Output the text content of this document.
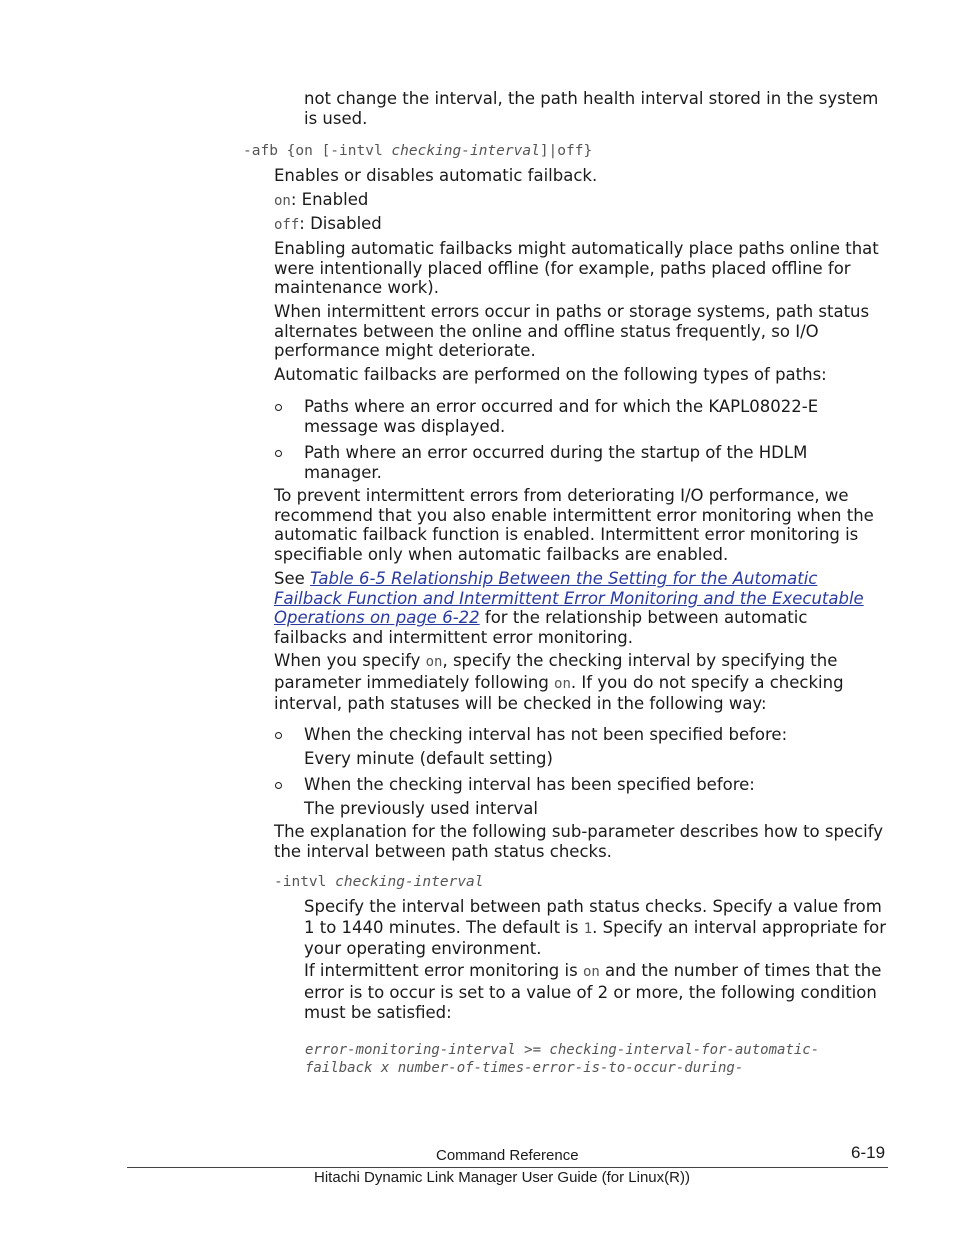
not change the interval, the path health interval stored in the system
is used.

-afb {on [-intvl checking-interval]|off}

Enables or disables automatic failback.

on: Enabled

off: Disabled

Enabling automatic failbacks might automatically place paths online that were intentionally placed offline (for example, paths placed offline for maintenance work).

When intermittent errors occur in paths or storage systems, path status alternates between the online and offline status frequently, so I/O performance might deteriorate.

Automatic failbacks are performed on the following types of paths:

Paths where an error occurred and for which the KAPL08022-E message was displayed.
Path where an error occurred during the startup of the HDLM manager.

To prevent intermittent errors from deteriorating I/O performance, we recommend that you also enable intermittent error monitoring when the automatic failback function is enabled. Intermittent error monitoring is specifiable only when automatic failbacks are enabled.

See Table 6-5 Relationship Between the Setting for the Automatic Failback Function and Intermittent Error Monitoring and the Executable Operations on page 6-22 for the relationship between automatic failbacks and intermittent error monitoring.

When you specify on, specify the checking interval by specifying the parameter immediately following on. If you do not specify a checking interval, path statuses will be checked in the following way:

When the checking interval has not been specified before:
Every minute (default setting)
When the checking interval has been specified before:
The previously used interval

The explanation for the following sub-parameter describes how to specify the interval between path status checks.

-intvl checking-interval

Specify the interval between path status checks. Specify a value from 1 to 1440 minutes. The default is 1. Specify an interval appropriate for your operating environment.

If intermittent error monitoring is on and the number of times that the error is to occur is set to a value of 2 or more, the following condition must be satisfied:

error-monitoring-interval >= checking-interval-for-automatic-
failback x number-of-times-error-is-to-occur-during-
Command Reference	6-19
Hitachi Dynamic Link Manager User Guide (for Linux(R))
